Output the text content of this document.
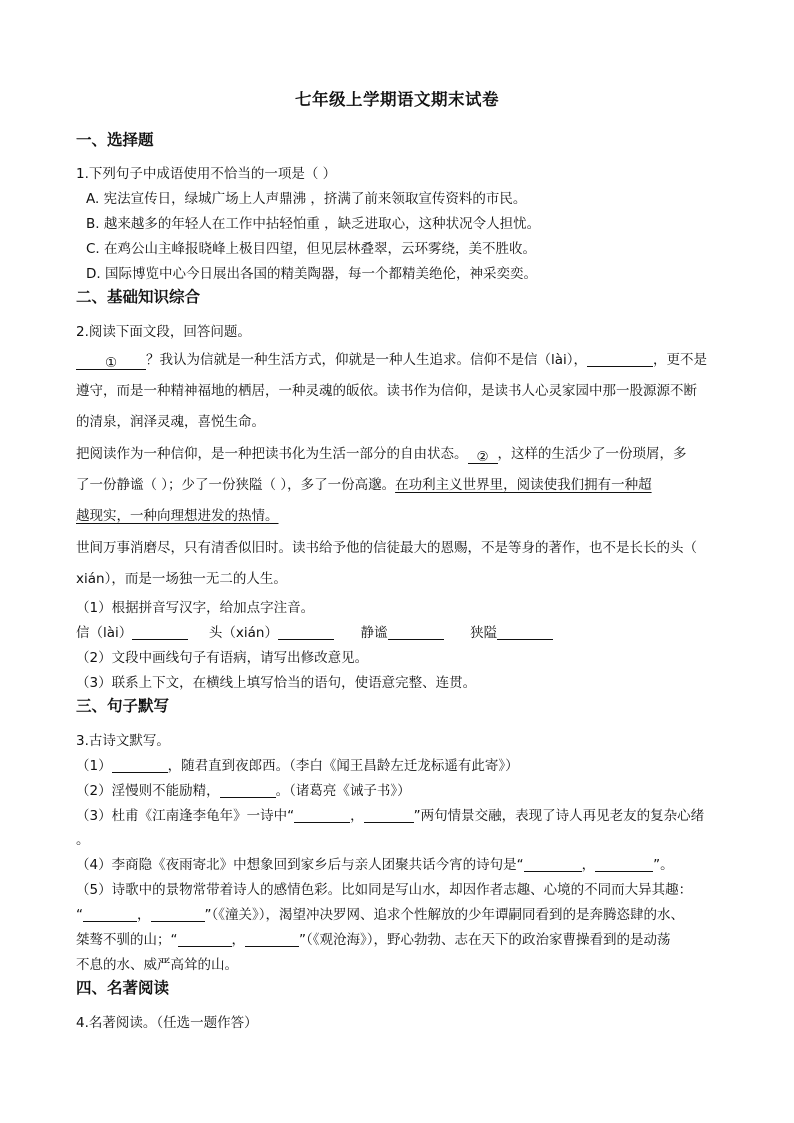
七年级上学期语文期末试卷
一、选择题
1.下列句子中成语使用不恰当的一项是（ ）
A. 宪法宣传日，绿城广场上人声鼎沸 ，挤满了前来领取宣传资料的市民。
B. 越来越多的年轻人在工作中拈轻怕重 ，缺乏进取心，这种状况令人担忧。
C. 在鸡公山主峰报晓峰上极目四望，但见层林叠翠，云环雾绕，美不胜收。
D. 国际博览中心今日展出各国的精美陶器，每一个都精美绝伦，神采奕奕。
二、基础知识综合
2.阅读下面文段，回答问题。
① ？我认为信就是一种生活方式，仰就是一种人生追求。信仰不是信（lài），	，更不是
遵守，而是一种精神福地的栖居，一种灵魂的皈依。读书作为信仰，是读书人心灵家园中那一股源源不断
的清泉，润泽灵魂，喜悦生命。
把阅读作为一种信仰，是一种把读书化为生活一部分的自由状态。 ② ，这样的生活少了一份琐屑，多
了一份静谧（ ）；少了一份狭隘（ ），多了一份高邈。在功利主义世界里，阅读使我们拥有一种超
越现实，一种向理想进发的热情。
世间万事消磨尽，只有清香似旧时。读书给予他的信徒最大的恩赐，不是等身的著作，也不是长长的头（
xián），而是一场独一无二的人生。
（1）根据拼音写汉字，给加点字注音。
信（lài）	头（xián）	静谧	狭隘
（2）文段中画线句子有语病，请写出修改意见。
（3）联系上下文，在横线上填写恰当的语句，使语意完整、连贯。
三、句子默写
3.古诗文默写。
（1）	，随君直到夜郎西。（李白《闻王昌龄左迁龙标遥有此寄》）
（2）淫慢则不能励精，	。（诸葛亮《诫子书》）
（3）杜甫《江南逢李龟年》一诗中“	，	”两句情景交融，表现了诗人再见老友的复杂心绪
。
（4）李商隐《夜雨寄北》中想象回到家乡后与亲人团聚共话今宵的诗句是“	，	”。
（5）诗歌中的景物常带着诗人的感情色彩。比如同是写山水，却因作者志趣、心境的不同而大异其趣：
“	，	”（《潼关》），渴望冲决罗网、追求个性解放的少年谭嗣同看到的是奔腾恣肆的水、
桀骜不驯的山；“	，	”（《观沧海》），野心勃勃、志在天下的政治家曹操看到的是动荡
不息的水、威严高耸的山。
四、名著阅读
4.名著阅读。（任选一题作答）
